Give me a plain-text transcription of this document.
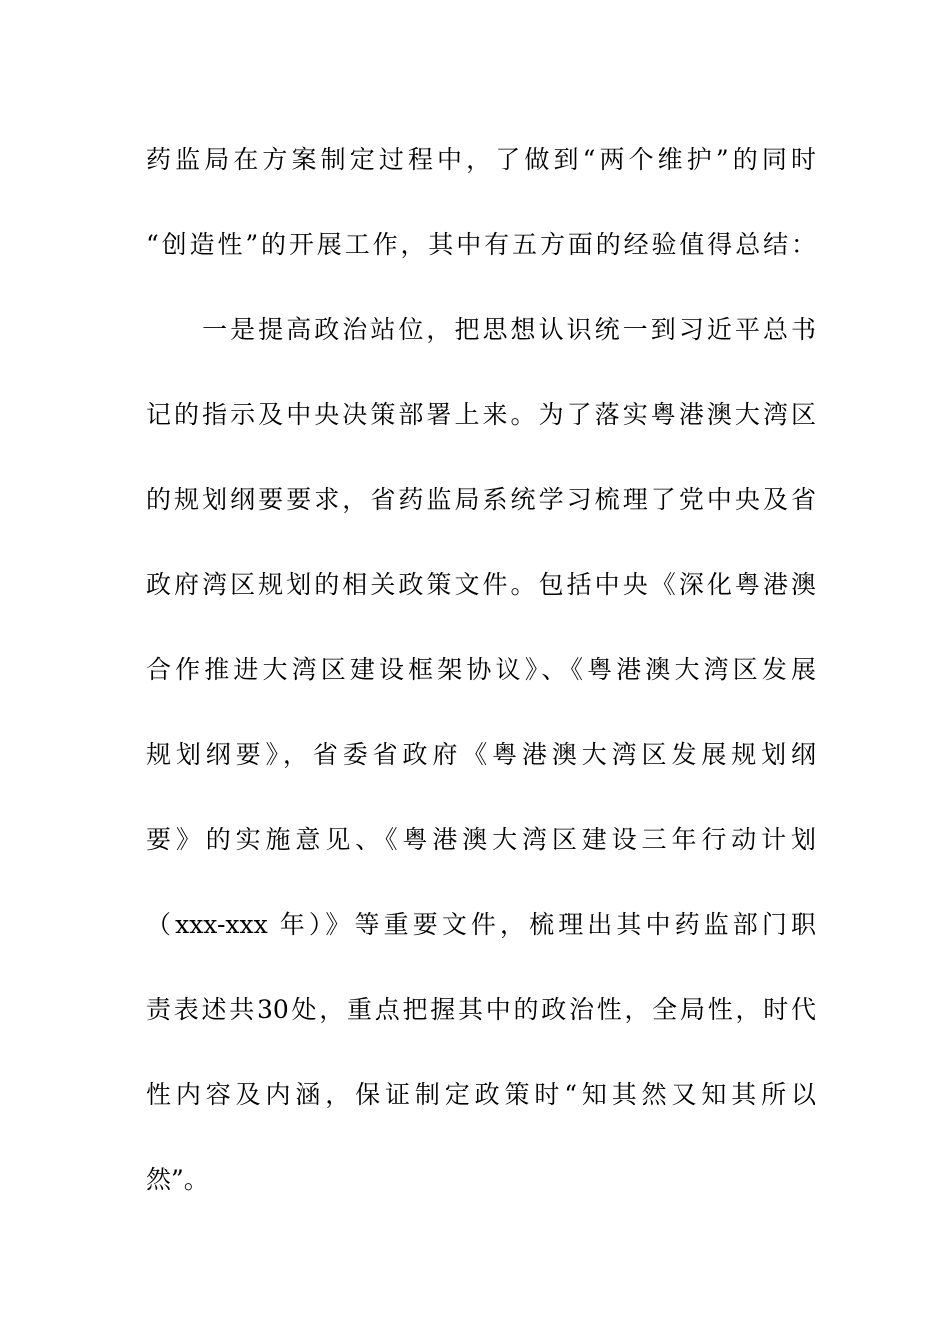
药监局在方案制定过程中，了做到“两个维护”的同时
“创造性”的开展工作，其中有五方面的经验值得总结：
　　一是提高政治站位，把思想认识统一到习近平总书
记的指示及中央决策部署上来。为了落实粤港澳大湾区
的规划纲要要求，省药监局系统学习梳理了党中央及省
政府湾区规划的相关政策文件。包括中央《深化粤港澳
合作推进大湾区建设框架协议》、《粤港澳大湾区发展
规划纲要》，省委省政府《粤港澳大湾区发展规划纲
要》的实施意见、《粤港澳大湾区建设三年行动计划
（xxx-xxx 年）》等重要文件，梳理出其中药监部门职
责表述共30处，重点把握其中的政治性，全局性，时代
性内容及内涵，保证制定政策时“知其然又知其所以
然”。
